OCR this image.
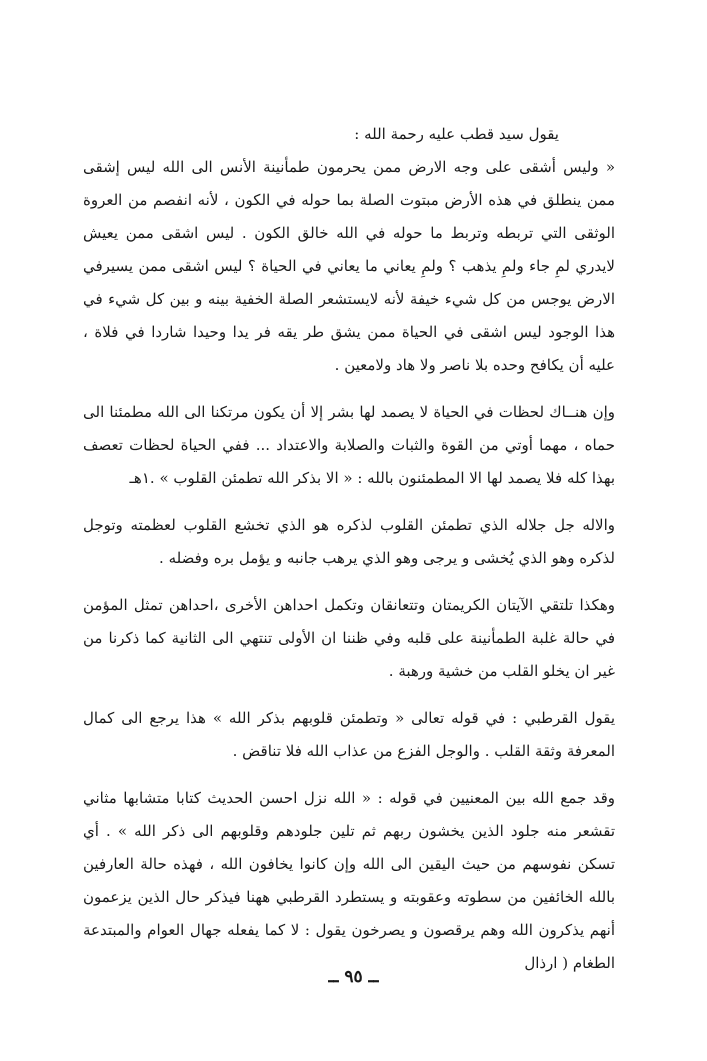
يقول سيد قطب عليه رحمة الله :

« وليس أشقى على وجه الارض ممن يحرمون طمأنينة الأنس الى الله ليس إشقى ممن ينطلق في هذه الأرض مبتوت الصلة بما حوله في الكون ، لأنه انفصم من العروة الوثقى التي تربطه وتربط ما حوله في الله خالق الكون . ليس اشقى ممن يعيش لايدري لمِ جاء ولمِ يذهب ؟ ولمِ يعاني ما يعاني في الحياة ؟ ليس اشقى ممن يسيرفي الارض يوجس من كل شيء خيفة لأنه لايستشعر الصلة الخفية بينه و بين كل شيء في هذا الوجود ليس اشقى في الحياة ممن يشق طر يقه فر يدا وحيدا شاردا في فلاة ، عليه أن يكافح وحده بلا ناصر ولا هاد ولامعين .

وإن هنــاك لحظات في الحياة لا يصمد لها بشر إلا أن يكون مرتكنا الى الله مطمئنا الى حماه ، مهما أوتي من القوة والثبات والصلابة والاعتداد ... ففي الحياة لحظات تعصف بهذا كله فلا يصمد لها الا المطمئنون بالله : « الا بذكر الله تطمئن القلوب » .١هـ

والاله جل جلاله الذي تطمئن القلوب لذكره هو الذي تخشع القلوب لعظمته وتوجل لذكره وهو الذي يُخشى و يرجى وهو الذي يرهب جانبه و يؤمل بره وفضله .

وهكذا تلتقي الآيتان الكريمتان وتتعانقان وتكمل احداهن الأخرى ،احداهن تمثل المؤمن في حالة غلبة الطمأنينة على قلبه وفي ظننا ان الأولى تنتهي الى الثانية كما ذكرنا من غير ان يخلو القلب من خشية ورهبة .

يقول القرطبي : في قوله تعالى « وتطمئن قلوبهم بذكر الله » هذا يرجع الى كمال المعرفة وثقة القلب . والوجل الفزع من عذاب الله فلا تناقض .

وقد جمع الله بين المعنيين في قوله : « الله نزل احسن الحديث كتابا متشابها مثاني تقشعر منه جلود الذين يخشون ربهم ثم تلين جلودهم وقلوبهم الى ذكر الله » . أي تسكن نفوسهم من حيث اليقين الى الله وإن كانوا يخافون الله ، فهذه حالة العارفين بالله الخائفين من سطوته وعقوبته و يستطرد القرطبي ههنا فيذكر حال الذين يزعمون أنهم يذكرون الله وهم يرقصون و يصرخون يقول : لا كما يفعله جهال العوام والمبتدعة الطغام ( ارذال

ــ ٩٥ ــ
